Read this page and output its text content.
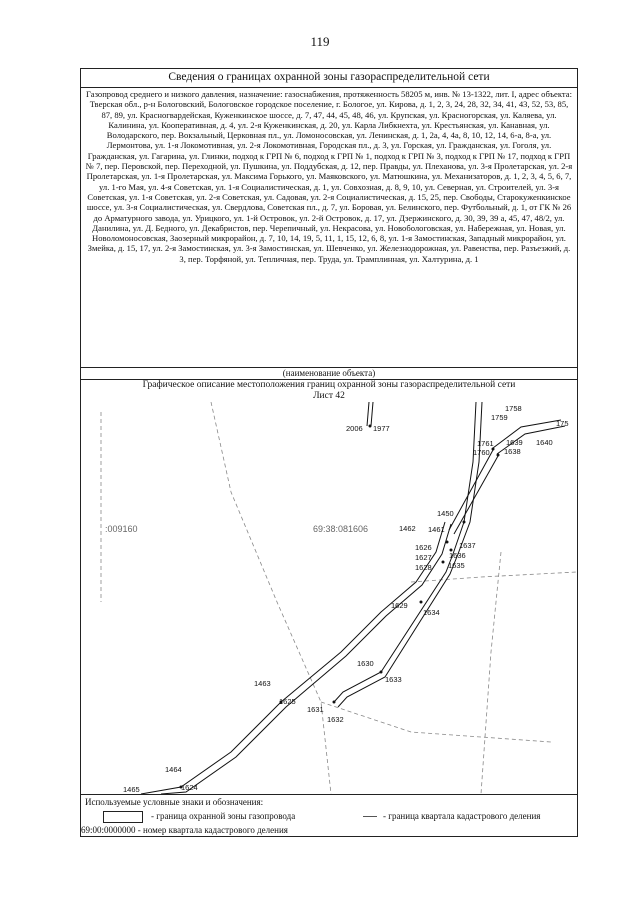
119
Сведения о границах охранной зоны газораспределительной сети
Газопровод среднего и низкого давления, назначение: газоснабжения, протяженность 58205 м, инв. № 13-1322, лит. I, адрес объекта: Тверская обл., р-н Бологовский, Бологовское городское поселение, г. Бологое, ул. Кирова, д. 1, 2, 3, 24, 28, 32, 34, 41, 43, 52, 53, 85, 87, 89, ул. Красногвардейская, Куженкинское шоссе, д. 7, 47, 44, 45, 48, 46, ул. Крупская, ул. Красногорская, ул. Каляева, ул. Калинина, ул. Кооперативная, д. 4, ул. 2-я Куженкинская, д. 20, ул. Карла Либкнехта, ул. Крестьянская, ул. Канавная, ул. Володарского, пер. Вокзальный, Церковная пл., ул. Ломоносовская, ул. Ленинская, д. 1, 2а, 4, 4а, 8, 10, 12, 14, 6-а, 8-а, ул. Лермонтова, ул. 1-я Локомотивная, ул. 2-я Локомотивная, Городская пл., д. 3, ул. Горская, ул. Гражданская, ул. Гоголя, ул. Гражданская, ул. Гагарина, ул. Глинки, подход к ГРП № 6, подход к ГРП № 1, подход к ГРП № 3, подход к ГРП № 17, подход к ГРП № 7, пер. Перовской, пер. Переходной, ул. Пушкина, ул. Поддубская, д. 12, пер. Правды, ул. Плеханова, ул. 3-я Пролетарская, ул. 2-я Пролетарская, ул. 1-я Пролетарская, ул. Максима Горького, ул. Маяковского, ул. Матюшкина, ул. Механизаторов, д. 1, 2, 3, 4, 5, 6, 7, ул. 1-го Мая, ул. 4-я Советская, ул. 1-я Социалистическая, д. 1, ул. Совхозная, д. 8, 9, 10, ул. Северная, ул. Строителей, ул. 3-я Советская, ул. 1-я Советская, ул. 2-я Советская, ул. Садовая, ул. 2-я Социалистическая, д. 15, 25, пер. Свободы, Старокуженкинское шоссе, ул. 3-я Социалистическая, ул. Свердлова, Советская пл., д. 7, ул. Боровая, ул. Белинского, пер. Футбольный, д. 1, от ГК № 26 до Арматурного завода, ул. Урицкого, ул. 1-й Островок, ул. 2-й Островок, д. 17, ул. Дзержинского, д. 30, 39, 39 а, 45, 47, 48/2, ул. Данилина, ул. Д. Бедного, ул. Декабристов, пер. Черепичный, ул. Некрасова, ул. Новобологовская, ул. Набережная, ул. Новая, ул. Новоломоносовская, Заозерный микрорайон, д. 7, 10, 14, 19, 5, 11, 1, 15, 12, 6, 8, ул. 1-я Замостинская, Западный микрорайон, ул. Змейка, д. 15, 17, ул. 2-я Замостинская, ул. 3-я Замостинская, ул. Шевченко, ул. Железнодорожная, ул. Равенства, пер. Разъезжий, д. 3, пер. Торфяной, ул. Тепличная, пер. Труда, ул. Трамплинная, ул. Халтурина, д. 1
(наименование объекта)
Графическое описание местоположения границ охранной зоны газораспределительной сети
Лист 42
:009160	69:38:081606
2006 1977
1758
1759
175
1761 1639 1640
1760 1638
1450
1462 1461
1637
1626
1636
1627
1635
1628
1629
1634
1630
1633
1463
1625
1631
1632
1464
1624
1465
Используемые условные знаки и обозначения:
- граница охранной зоны газопровода	- граница квартала кадастрового деления
69:00:0000000 - номер квартала кадастрового деления
